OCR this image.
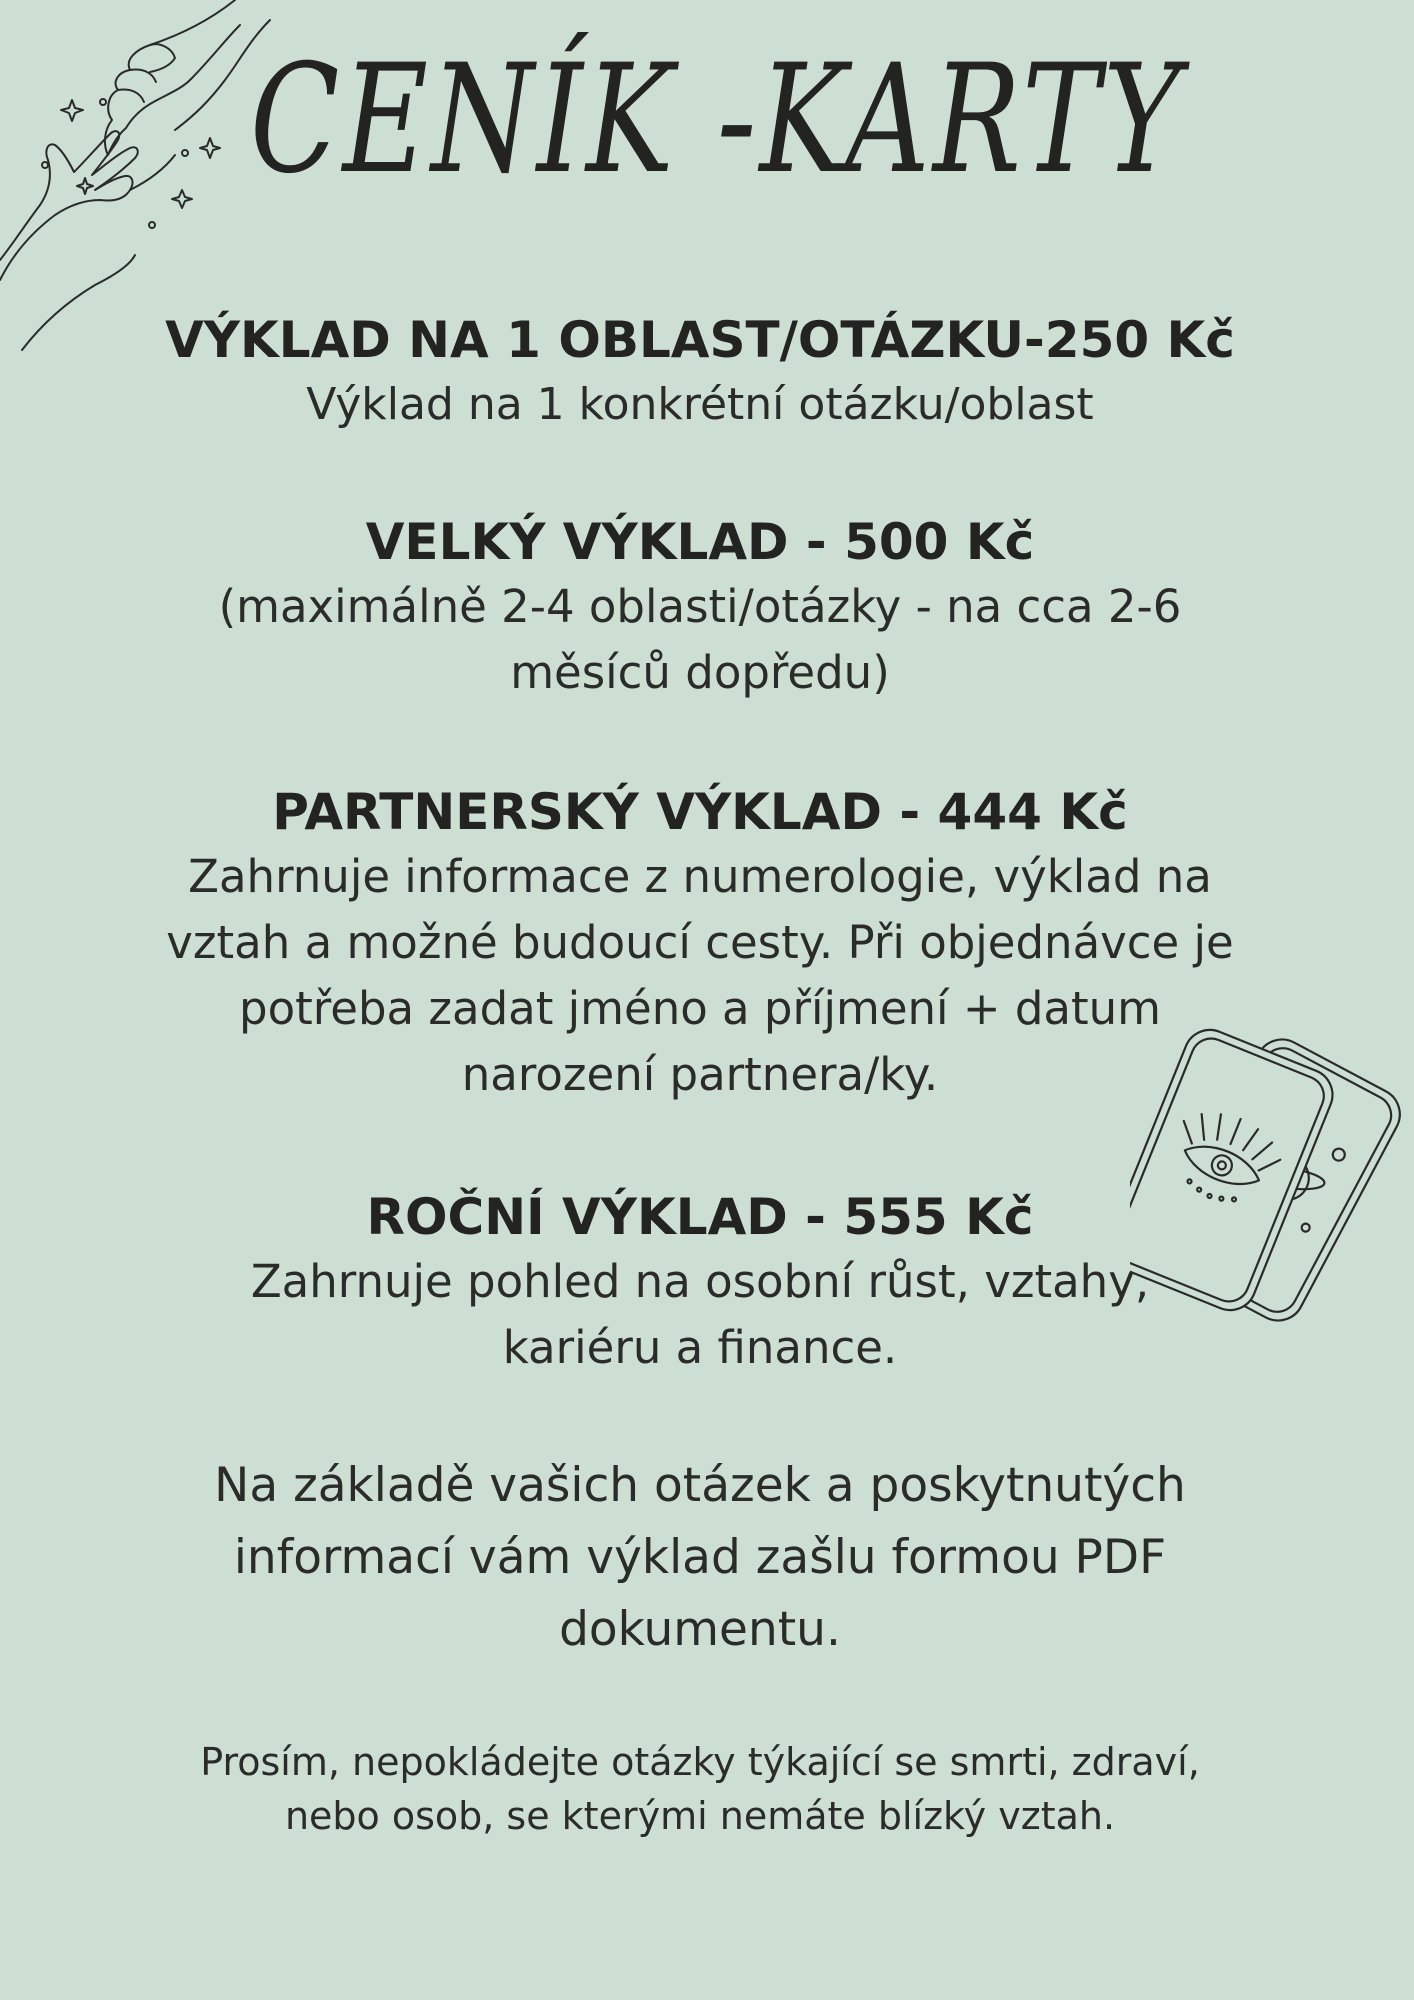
CENÍK -KARTY
VÝKLAD NA 1 OBLAST/OTÁZKU-250 Kč
Výklad na 1 konkrétní otázku/oblast
VELKÝ VÝKLAD - 500 Kč
(maximálně 2-4 oblasti/otázky - na cca 2-6
měsíců dopředu)
PARTNERSKÝ VÝKLAD - 444 Kč
Zahrnuje informace z numerologie, výklad na
vztah a možné budoucí cesty. Při objednávce je
potřeba zadat jméno a příjmení + datum
narození partnera/ky.
ROČNÍ VÝKLAD - 555 Kč
Zahrnuje pohled na osobní růst, vztahy,
kariéru a finance.
Na základě vašich otázek a poskytnutých
informací vám výklad zašlu formou PDF
dokumentu.
Prosím, nepokládejte otázky týkající se smrti, zdraví,
nebo osob, se kterými nemáte blízký vztah.
